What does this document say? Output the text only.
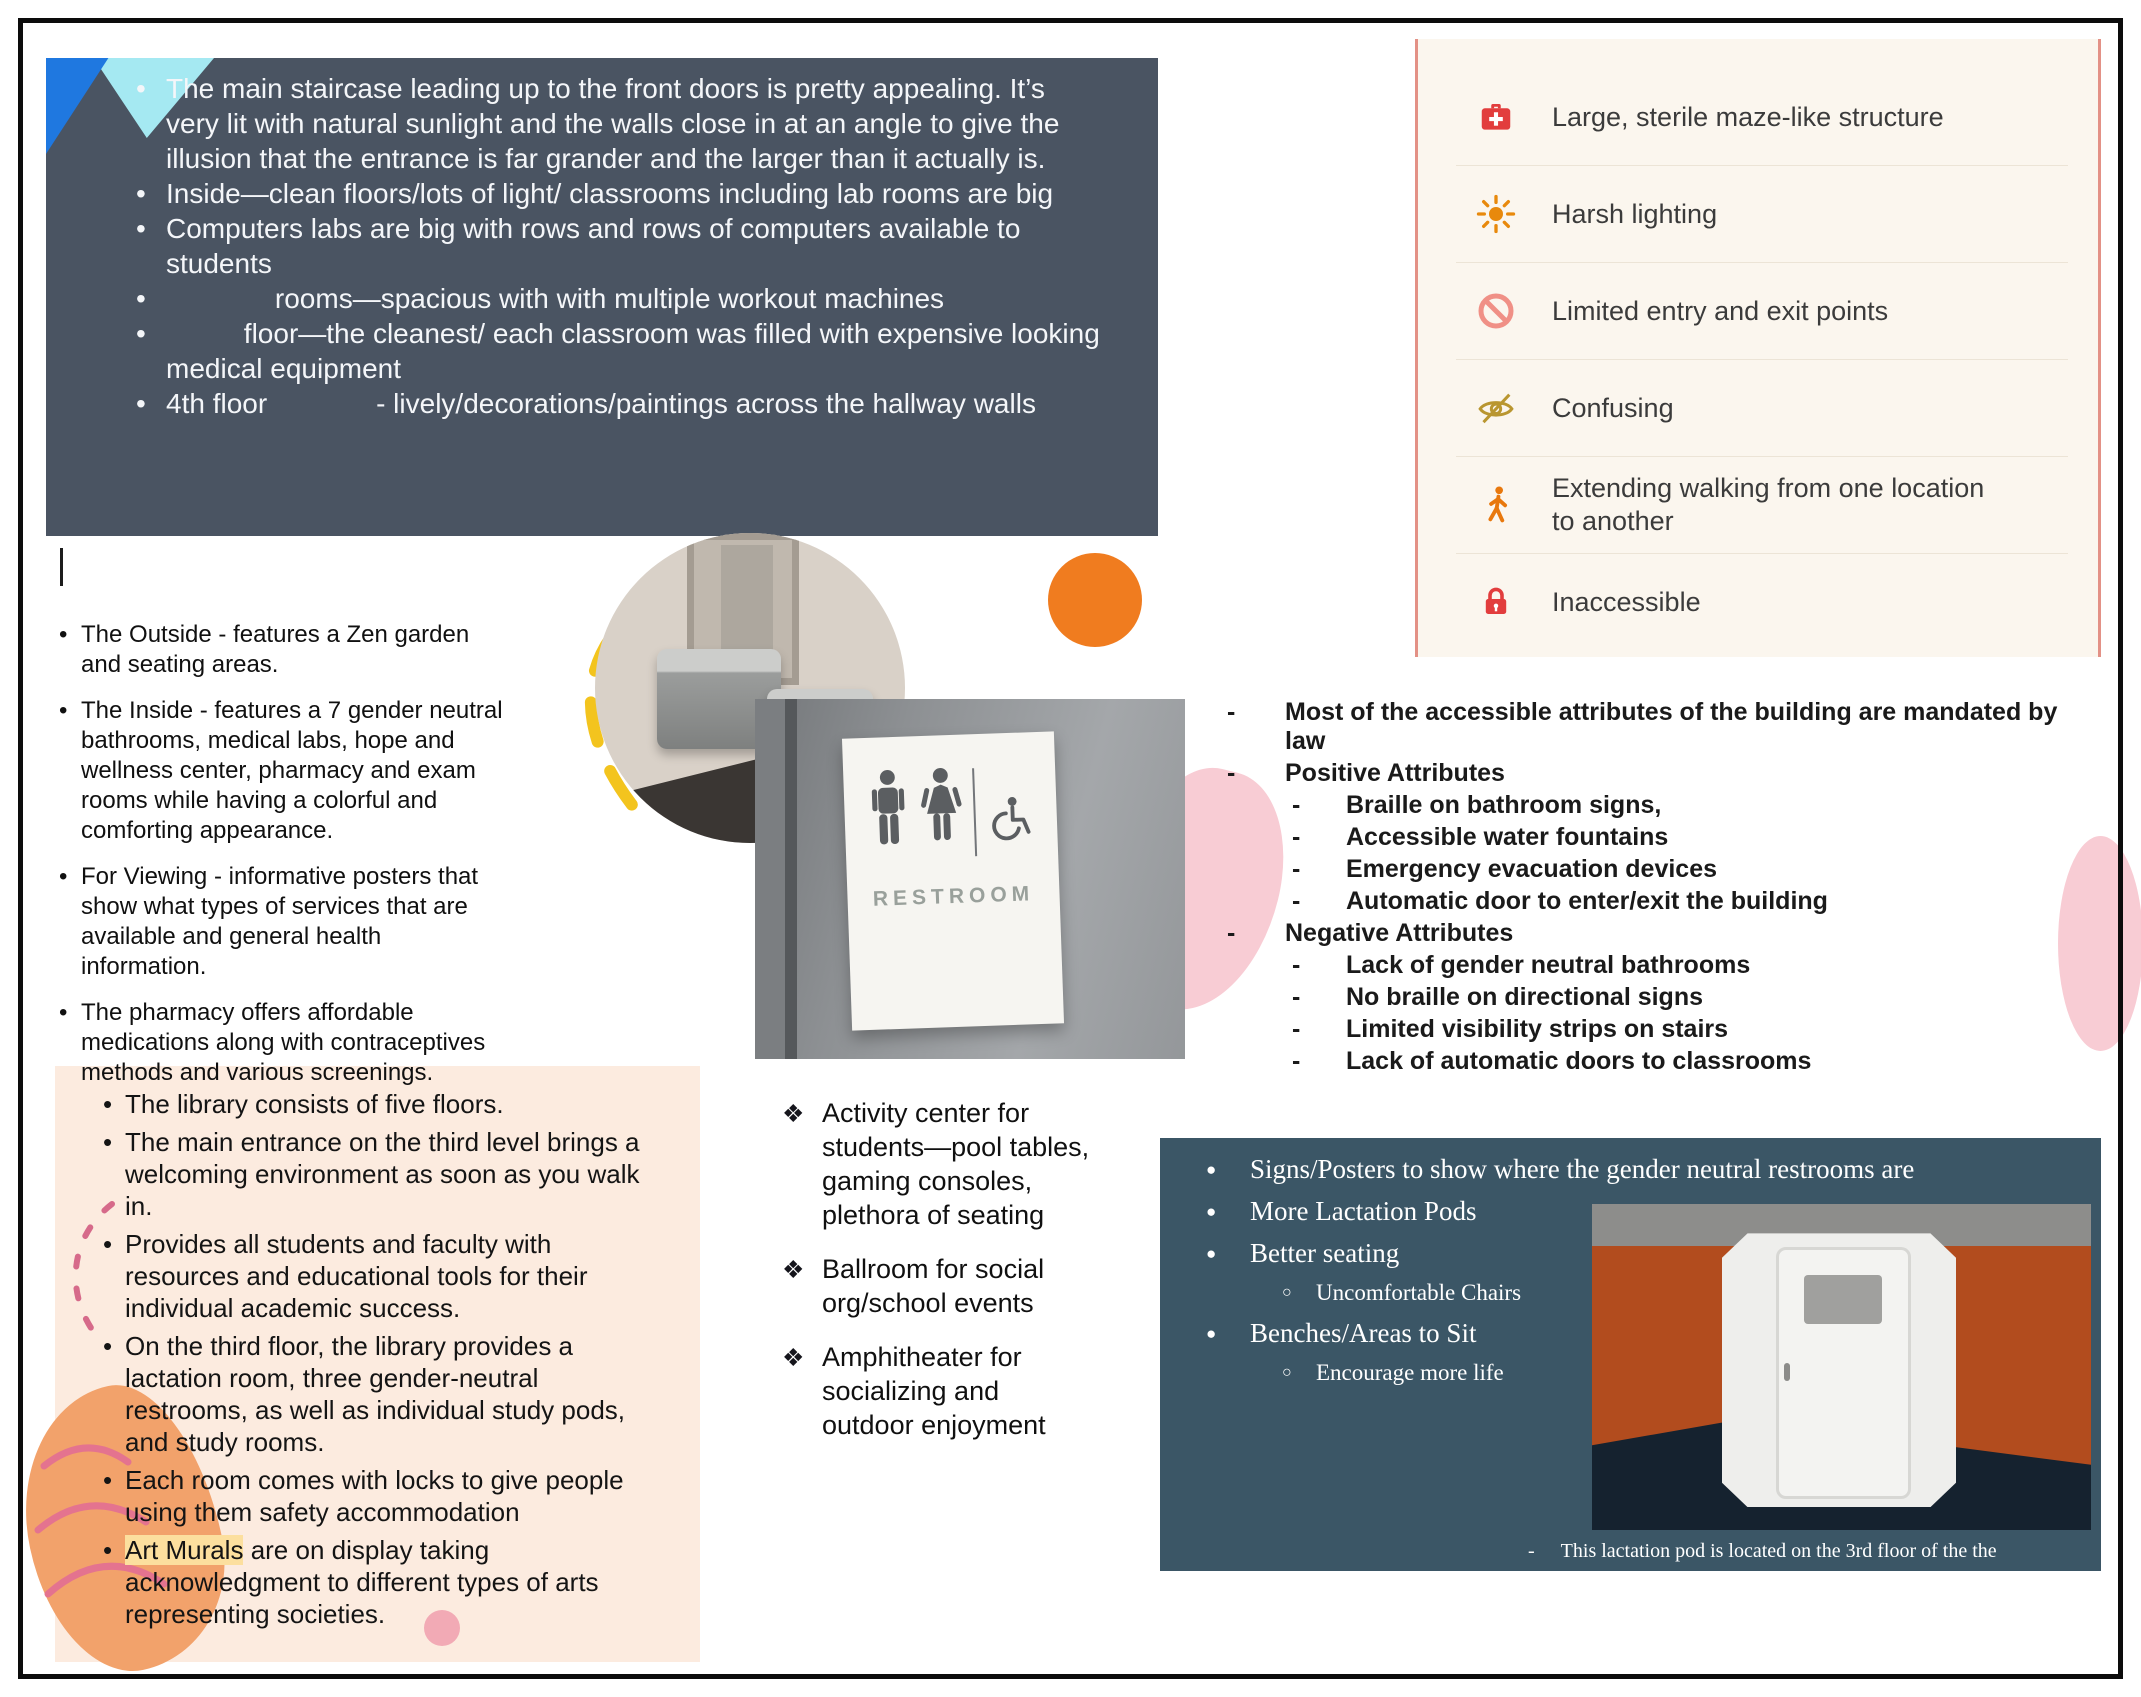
• The main staircase leading up to the front doors is pretty appealing. It’s very lit with natural sunlight and the walls close in at an angle to give the illusion that the entrance is far grander and the larger than it actually is.
• Inside—clean floors/lots of light/ classrooms including lab rooms are big
• Computers labs are big with rows and rows of computers available to students
•               rooms—spacious with with multiple workout machines
•           floor—the cleanest/ each classroom was filled with expensive looking medical equipment
• 4th floor              - lively/decorations/paintings across the hallway walls
• The Outside - features a Zen garden and seating areas.
• The Inside - features a 7 gender neutral bathrooms, medical labs, hope and wellness center, pharmacy and exam rooms while having a colorful and comforting appearance.
• For Viewing - informative posters that show what types of services that are available and general health information.
• The pharmacy offers affordable medications along with contraceptives methods and various screenings.
RESTROOM
- Most of the accessible attributes of the building are mandated by law
- Positive Attributes
- Braille on bathroom signs,
- Accessible water fountains
- Emergency evacuation devices
- Automatic door to enter/exit the building
- Negative Attributes
- Lack of gender neutral bathrooms
- No braille on directional signs
- Limited visibility strips on stairs
- Lack of automatic doors to classrooms
Large, sterile maze-like structure
Harsh lighting
Limited entry and exit points
Confusing
Extending walking from one location to another
Inaccessible
• The library consists of five floors.
• The main entrance on the third level brings a welcoming environment as soon as you walk in.
• Provides all students and faculty with resources and educational tools for their individual academic success.
• On the third floor, the library provides a lactation room, three gender-neutral restrooms, as well as individual study pods, and study rooms.
• Each room comes with locks to give people using them safety accommodation
• Art Murals are on display taking acknowledgment to different types of arts representing societies.
❖ Activity center for students—pool tables, gaming consoles, plethora of seating
❖ Ballroom for social org/school events
❖ Amphitheater for socializing and outdoor enjoyment
● Signs/Posters to show where the gender neutral restrooms are
● More Lactation Pods
● Better seating
○ Uncomfortable Chairs
● Benches/Areas to Sit
○ Encourage more life
- This lactation pod is located on the 3rd floor of the the
